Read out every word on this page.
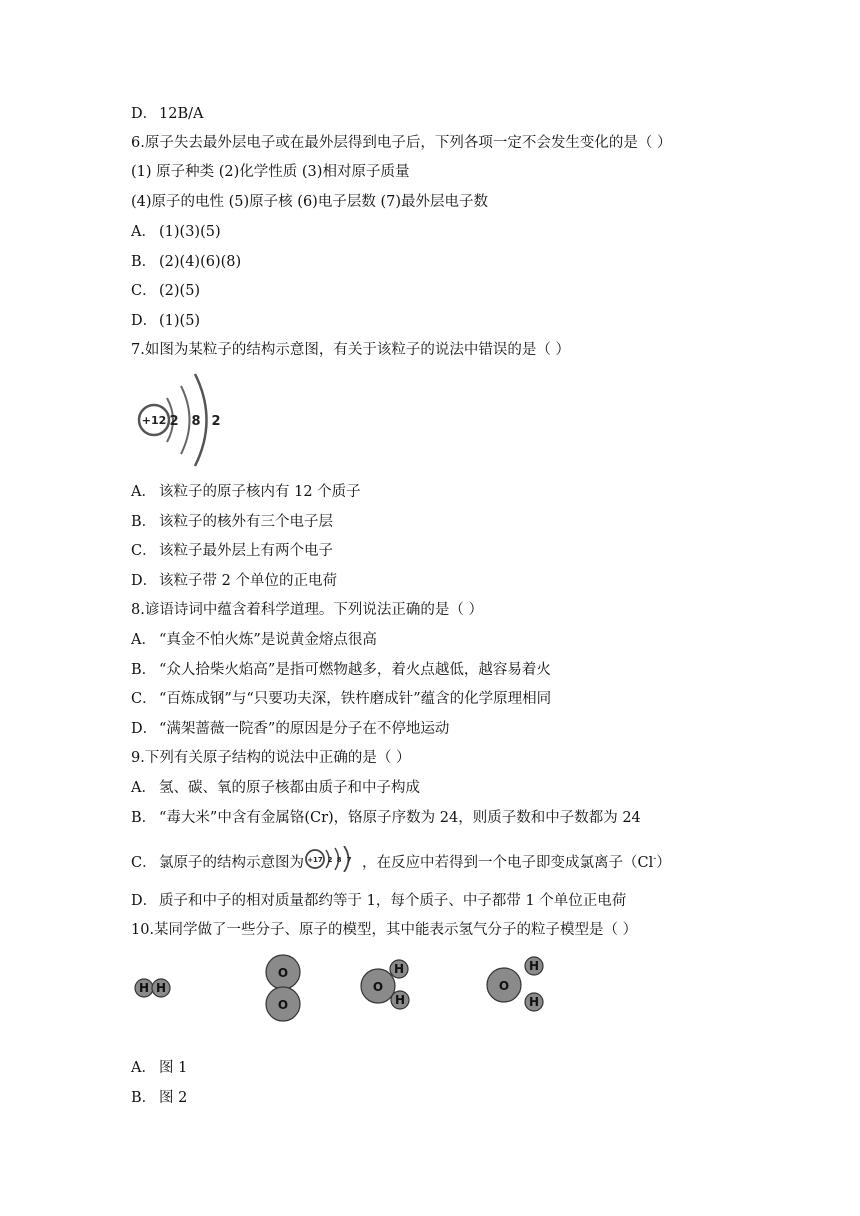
D． 12B/A
6.原子失去最外层电子或在最外层得到电子后，下列各项一定不会发生变化的是（ ）
(1) 原子种类 (2)化学性质 (3)相对原子质量
(4)原子的电性 (5)原子核 (6)电子层数 (7)最外层电子数
A． (1)(3)(5)
B． (2)(4)(6)(8)
C． (2)(5)
D． (1)(5)
7.如图为某粒子的结构示意图，有关于该粒子的说法中错误的是（ ）
+12 2 8 2
A． 该粒子的原子核内有 12 个质子
B． 该粒子的核外有三个电子层
C． 该粒子最外层上有两个电子
D． 该粒子带 2 个单位的正电荷
8.谚语诗词中蕴含着科学道理。下列说法正确的是（ ）
A． “真金不怕火炼”是说黄金熔点很高
B． “众人拾柴火焰高”是指可燃物越多，着火点越低，越容易着火
C． “百炼成钢”与“只要功夫深，铁杵磨成针”蕴含的化学原理相同
D． “满架蔷薇一院香”的原因是分子在不停地运动
9.下列有关原子结构的说法中正确的是（ ）
A． 氢、碳、氧的原子核都由质子和中子构成
B． “毒大米”中含有金属铬(Cr)，铬原子序数为 24，则质子数和中子数都为 24
C． 氯原子的结构示意图为 +17 2 8 7 ，在反应中若得到一个电子即变成氯离子（Cl-）
D． 质子和中子的相对质量都约等于 1，每个质子、中子都带 1 个单位正电荷
10.某同学做了一些分子、原子的模型，其中能表示氢气分子的粒子模型是（ ）
H H
O
O
O
H
H
O
H
H
A． 图 1
B． 图 2
